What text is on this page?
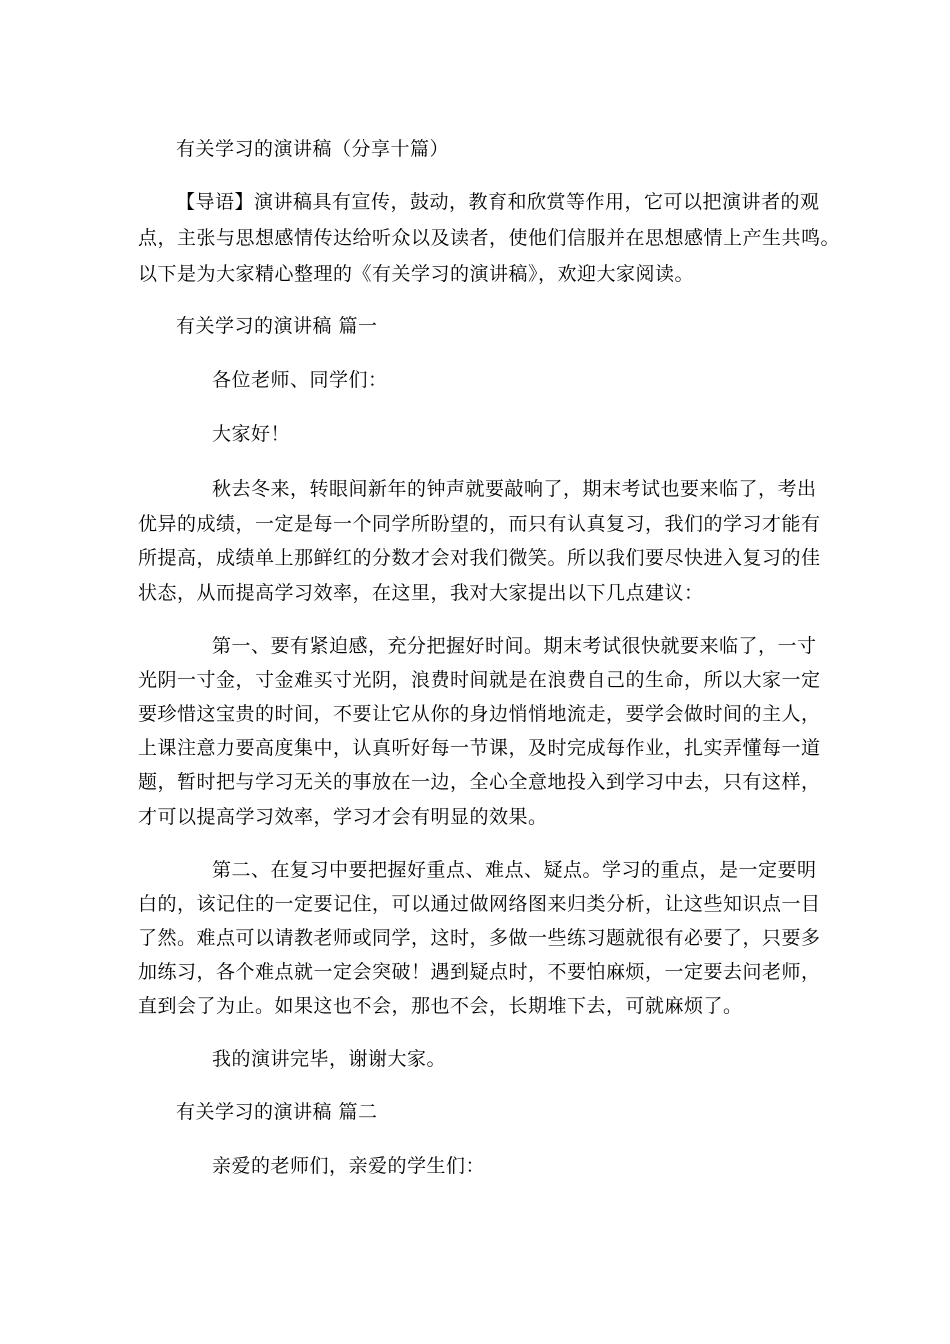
有关学习的演讲稿（分享十篇）
【导语】演讲稿具有宣传，鼓动，教育和欣赏等作用，它可以把演讲者的观
点，主张与思想感情传达给听众以及读者，使他们信服并在思想感情上产生共鸣。
以下是为大家精心整理的《有关学习的演讲稿》，欢迎大家阅读。
有关学习的演讲稿 篇一
各位老师、同学们：
大家好！
秋去冬来，转眼间新年的钟声就要敲响了，期末考试也要来临了，考出
优异的成绩，一定是每一个同学所盼望的，而只有认真复习，我们的学习才能有
所提高，成绩单上那鲜红的分数才会对我们微笑。所以我们要尽快进入复习的佳
状态，从而提高学习效率，在这里，我对大家提出以下几点建议：
第一、要有紧迫感，充分把握好时间。期末考试很快就要来临了，一寸
光阴一寸金，寸金难买寸光阴，浪费时间就是在浪费自己的生命，所以大家一定
要珍惜这宝贵的时间，不要让它从你的身边悄悄地流走，要学会做时间的主人，
上课注意力要高度集中，认真听好每一节课，及时完成每作业，扎实弄懂每一道
题，暂时把与学习无关的事放在一边，全心全意地投入到学习中去，只有这样，
才可以提高学习效率，学习才会有明显的效果。
第二、在复习中要把握好重点、难点、疑点。学习的重点，是一定要明
白的，该记住的一定要记住，可以通过做网络图来归类分析，让这些知识点一目
了然。难点可以请教老师或同学，这时，多做一些练习题就很有必要了，只要多
加练习，各个难点就一定会突破！遇到疑点时，不要怕麻烦，一定要去问老师，
直到会了为止。如果这也不会，那也不会，长期堆下去，可就麻烦了。
我的演讲完毕，谢谢大家。
有关学习的演讲稿 篇二
亲爱的老师们，亲爱的学生们：
